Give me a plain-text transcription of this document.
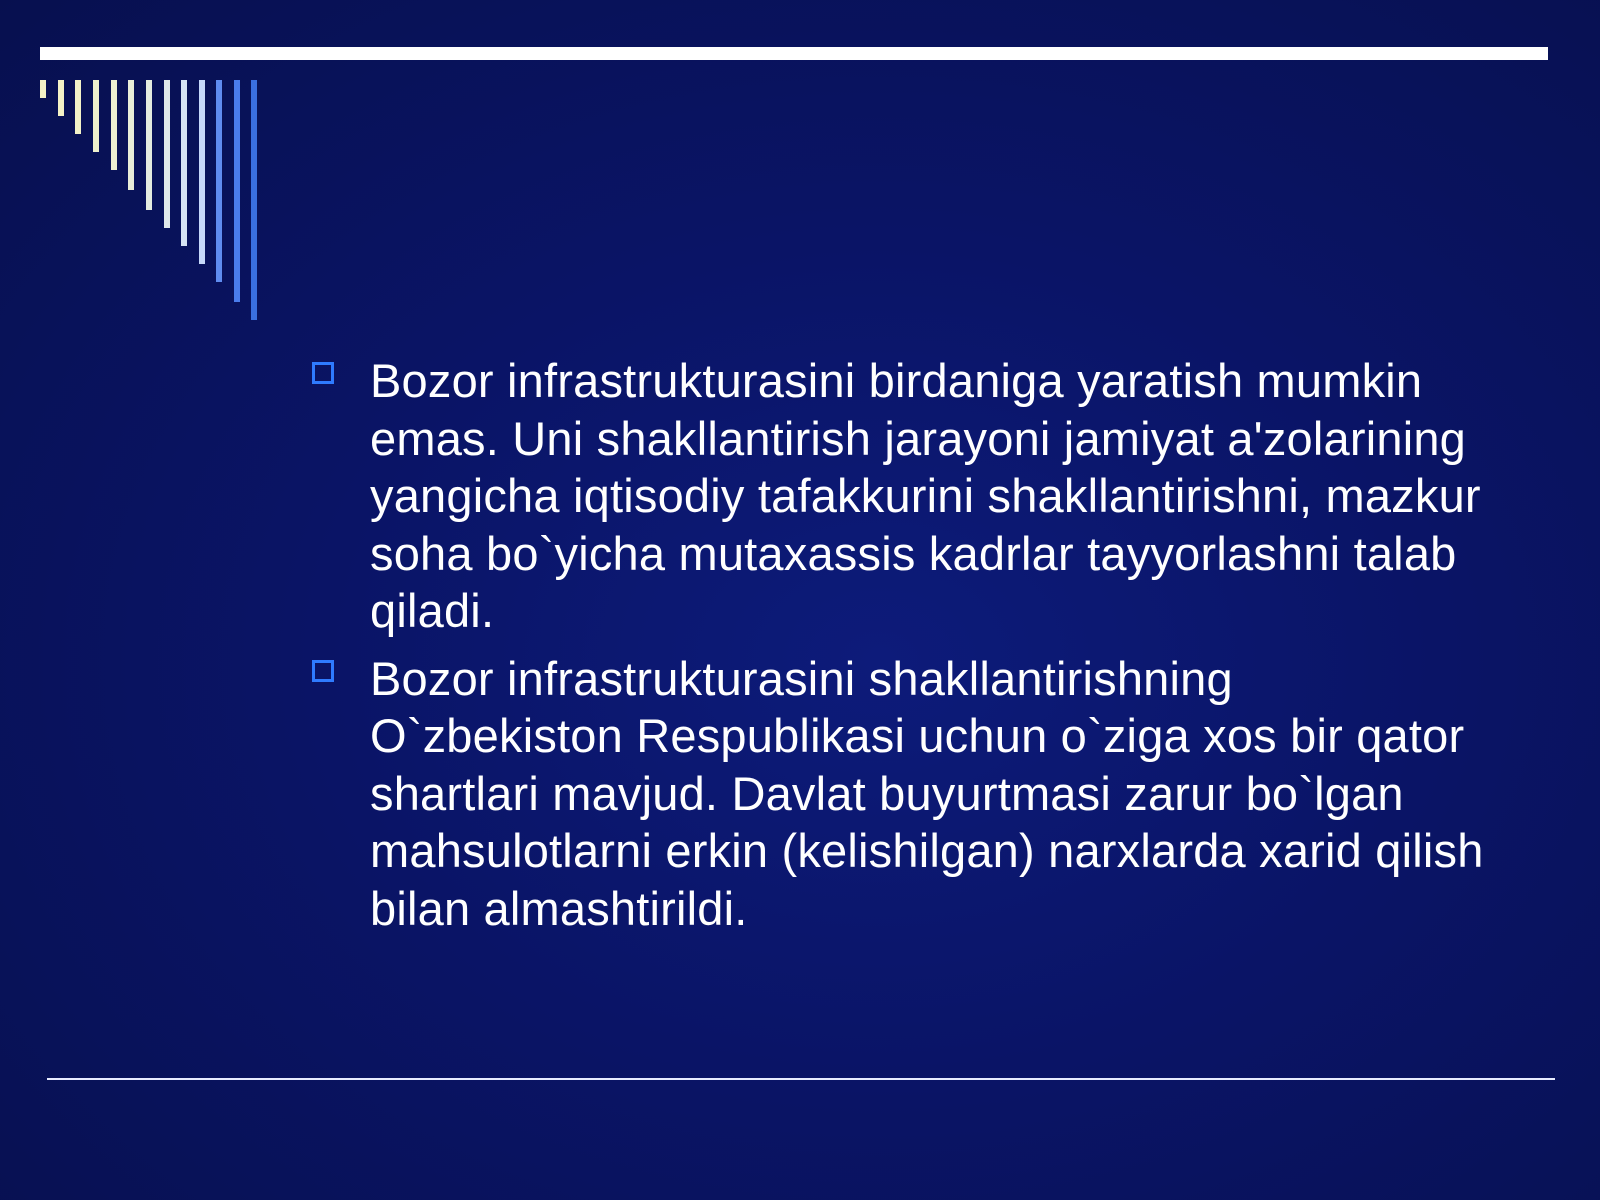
Bozor infrastrukturasini birdaniga yaratish mumkin emas. Uni shakllantirish jarayoni jamiyat a'zolarining yangicha iqtisodiy tafakkurini shakllantirishni, mazkur soha bo`yicha mutaxassis kadrlar tayyorlashni talab qiladi.
Bozor infrastrukturasini shakllantirishning O`zbekiston Respublikasi uchun o`ziga xos bir qator shartlari mavjud. Davlat buyurtmasi zarur bo`lgan mahsulotlarni erkin (kelishilgan) narxlarda xarid qilish bilan almashtirildi.
